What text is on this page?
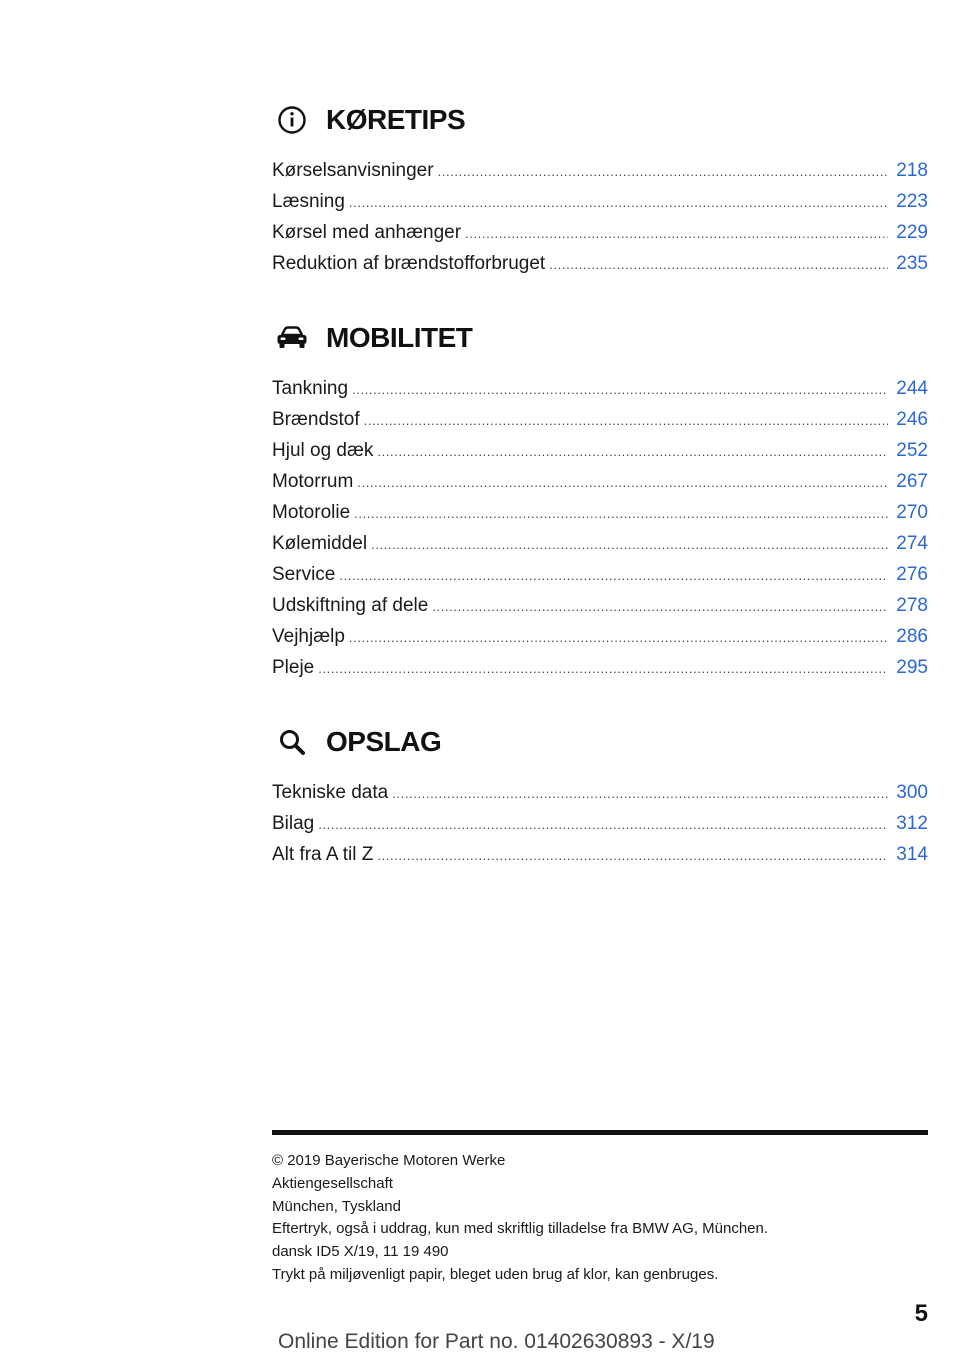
KØRETIPS
Kørselsanvisninger .....	218
Læsning .....	223
Kørsel med anhænger .....	229
Reduktion af brændstofforbruget .....	235
MOBILITET
Tankning .....	244
Brændstof .....	246
Hjul og dæk .....	252
Motorrum .....	267
Motorolie .....	270
Kølemiddel .....	274
Service .....	276
Udskiftning af dele .....	278
Vejhjælp .....	286
Pleje .....	295
OPSLAG
Tekniske data .....	300
Bilag .....	312
Alt fra A til Z .....	314
© 2019 Bayerische Motoren Werke
Aktiengesellschaft
München, Tyskland
Eftertryk, også i uddrag, kun med skriftlig tilladelse fra BMW AG, München.
dansk ID5 X/19, 11 19 490
Trykt på miljøvenligt papir, bleget uden brug af klor, kan genbruges.
5
Online Edition for Part no. 01402630893 - X/19
